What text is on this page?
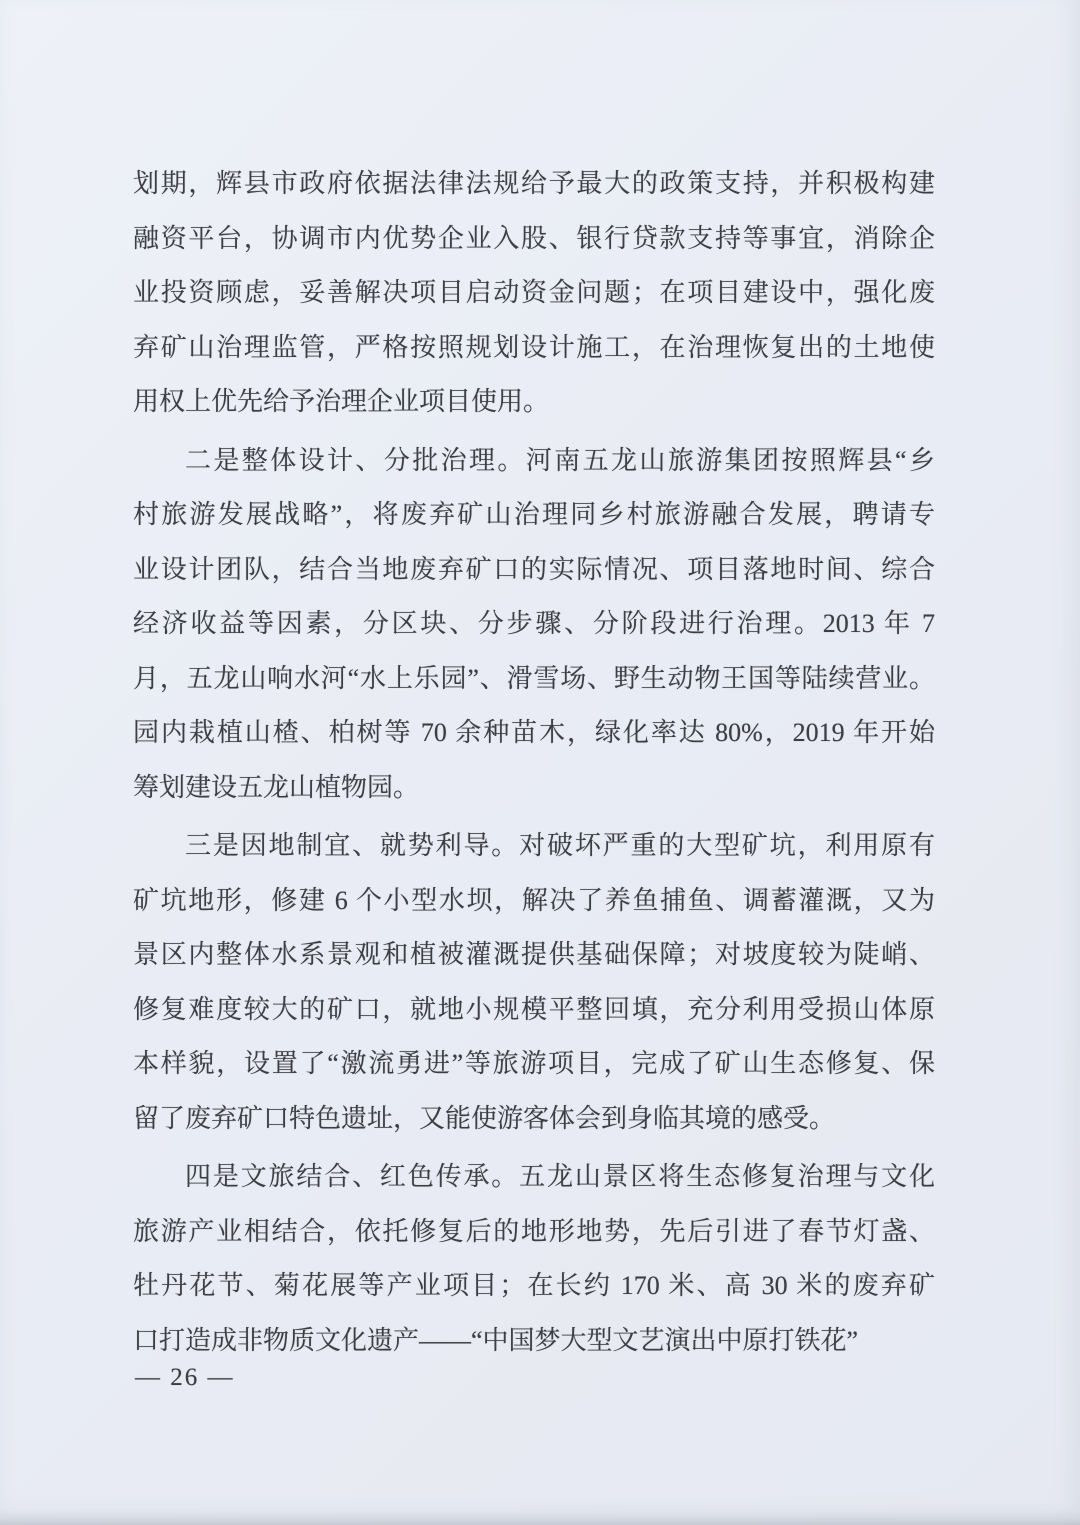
划期，辉县市政府依据法律法规给予最大的政策支持，并积极构建
融资平台，协调市内优势企业入股、银行贷款支持等事宜，消除企
业投资顾虑，妥善解决项目启动资金问题；在项目建设中，强化废
弃矿山治理监管，严格按照规划设计施工，在治理恢复出的土地使
用权上优先给予治理企业项目使用。
二是整体设计、分批治理。河南五龙山旅游集团按照辉县“乡
村旅游发展战略”，将废弃矿山治理同乡村旅游融合发展，聘请专
业设计团队，结合当地废弃矿口的实际情况、项目落地时间、综合
经济收益等因素，分区块、分步骤、分阶段进行治理。2013 年 7
月，五龙山响水河“水上乐园”、滑雪场、野生动物王国等陆续营业。
园内栽植山楂、柏树等 70 余种苗木，绿化率达 80%，2019 年开始
筹划建设五龙山植物园。
三是因地制宜、就势利导。对破坏严重的大型矿坑，利用原有
矿坑地形，修建 6 个小型水坝，解决了养鱼捕鱼、调蓄灌溉，又为
景区内整体水系景观和植被灌溉提供基础保障；对坡度较为陡峭、
修复难度较大的矿口，就地小规模平整回填，充分利用受损山体原
本样貌，设置了“激流勇进”等旅游项目，完成了矿山生态修复、保
留了废弃矿口特色遗址，又能使游客体会到身临其境的感受。
四是文旅结合、红色传承。五龙山景区将生态修复治理与文化
旅游产业相结合，依托修复后的地形地势，先后引进了春节灯盏、
牡丹花节、菊花展等产业项目；在长约 170 米、高 30 米的废弃矿
口打造成非物质文化遗产——“中国梦大型文艺演出中原打铁花”
— 26 —
